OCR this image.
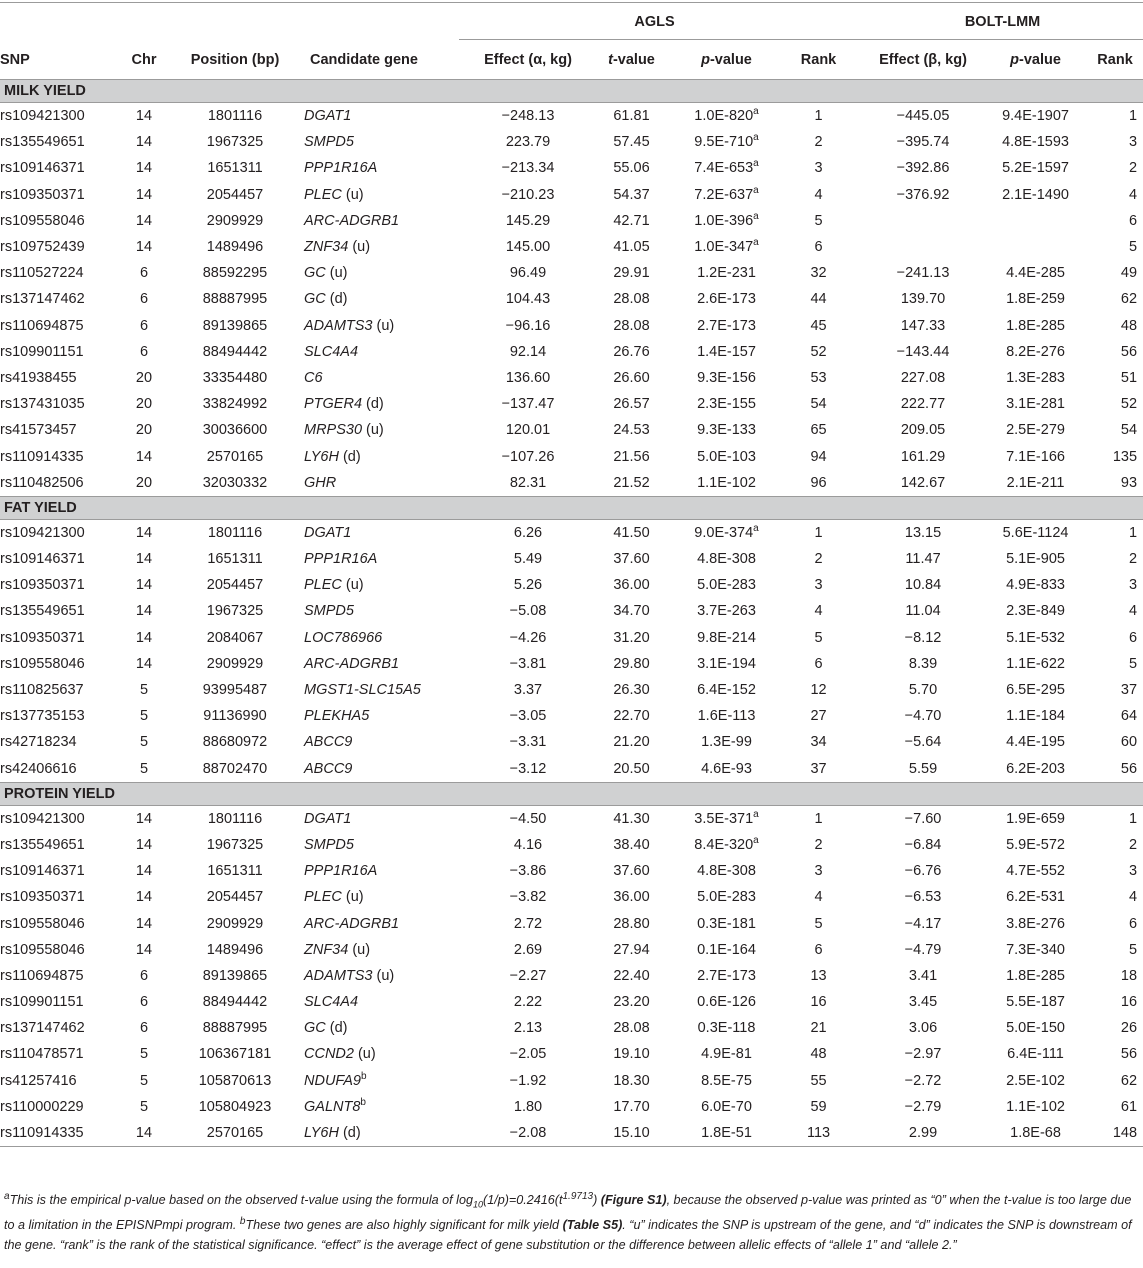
				AGLS				BOLT-LMM		
SNP	Chr	Position (bp)	Candidate gene	Effect (α, kg)	t-value	p-value	Rank	Effect (β, kg)	p-value	Rank
MILK YIELD										
rs109421300	14	1801116	DGAT1	−248.13	61.81	1.0E-820$^a$	1	−445.05	9.4E-1907	1
rs135549651	14	1967325	SMPD5	223.79	57.45	9.5E-710$^a$	2	−395.74	4.8E-1593	3
rs109146371	14	1651311	PPP1R16A	−213.34	55.06	7.4E-653$^a$	3	−392.86	5.2E-1597	2
rs109350371	14	2054457	PLEC (u)	−210.23	54.37	7.2E-637$^a$	4	−376.92	2.1E-1490	4
rs109558046	14	2909929	ARC-ADGRB1	145.29	42.71	1.0E-396$^a$	5			6
rs109752439	14	1489496	ZNF34 (u)	145.00	41.05	1.0E-347$^a$	6			5
rs110527224	6	88592295	GC (u)	96.49	29.91	1.2E-231	32	−241.13	4.4E-285	49
rs137147462	6	88887995	GC (d)	104.43	28.08	2.6E-173	44	139.70	1.8E-259	62
rs110694875	6	89139865	ADAMTS3 (u)	−96.16	28.08	2.7E-173	45	147.33	1.8E-285	48
rs109901151	6	88494442	SLC4A4	92.14	26.76	1.4E-157	52	−143.44	8.2E-276	56
rs41938455	20	33354480	C6	136.60	26.60	9.3E-156	53	227.08	1.3E-283	51
rs137431035	20	33824992	PTGER4 (d)	−137.47	26.57	2.3E-155	54	222.77	3.1E-281	52
rs41573457	20	30036600	MRPS30 (u)	120.01	24.53	9.3E-133	65	209.05	2.5E-279	54
rs110914335	14	2570165	LY6H (d)	−107.26	21.56	5.0E-103	94	161.29	7.1E-166	135
rs110482506	20	32030332	GHR	82.31	21.52	1.1E-102	96	142.67	2.1E-211	93
FAT YIELD										
rs109421300	14	1801116	DGAT1	6.26	41.50	9.0E-374$^a$	1	13.15	5.6E-1124	1
rs109146371	14	1651311	PPP1R16A	5.49	37.60	4.8E-308	2	11.47	5.1E-905	2
rs109350371	14	2054457	PLEC (u)	5.26	36.00	5.0E-283	3	10.84	4.9E-833	3
rs135549651	14	1967325	SMPD5	−5.08	34.70	3.7E-263	4	11.04	2.3E-849	4
rs109350371	14	2084067	LOC786966	−4.26	31.20	9.8E-214	5	−8.12	5.1E-532	6
rs109558046	14	2909929	ARC-ADGRB1	−3.81	29.80	3.1E-194	6	8.39	1.1E-622	5
rs110825637	5	93995487	MGST1-SLC15A5	3.37	26.30	6.4E-152	12	5.70	6.5E-295	37
rs137735153	5	91136990	PLEKHA5	−3.05	22.70	1.6E-113	27	−4.70	1.1E-184	64
rs42718234	5	88680972	ABCC9	−3.31	21.20	1.3E-99	34	−5.64	4.4E-195	60
rs42406616	5	88702470	ABCC9	−3.12	20.50	4.6E-93	37	5.59	6.2E-203	56
PROTEIN YIELD										
rs109421300	14	1801116	DGAT1	−4.50	41.30	3.5E-371$^a$	1	−7.60	1.9E-659	1
rs135549651	14	1967325	SMPD5	4.16	38.40	8.4E-320$^a$	2	−6.84	5.9E-572	2
rs109146371	14	1651311	PPP1R16A	−3.86	37.60	4.8E-308	3	−6.76	4.7E-552	3
rs109350371	14	2054457	PLEC (u)	−3.82	36.00	5.0E-283	4	−6.53	6.2E-531	4
rs109558046	14	2909929	ARC-ADGRB1	2.72	28.80	0.3E-181	5	−4.17	3.8E-276	6
rs109558046	14	1489496	ZNF34 (u)	2.69	27.94	0.1E-164	6	−4.79	7.3E-340	5
rs110694875	6	89139865	ADAMTS3 (u)	−2.27	22.40	2.7E-173	13	3.41	1.8E-285	18
rs109901151	6	88494442	SLC4A4	2.22	23.20	0.6E-126	16	3.45	5.5E-187	16
rs137147462	6	88887995	GC (d)	2.13	28.08	0.3E-118	21	3.06	5.0E-150	26
rs110478571	5	106367181	CCND2 (u)	−2.05	19.10	4.9E-81	48	−2.97	6.4E-111	56
rs41257416	5	105870613	NDUFA9$^b$	−1.92	18.30	8.5E-75	55	−2.72	2.5E-102	62
rs110000229	5	105804923	GALNT8$^b$	1.80	17.70	6.0E-70	59	−2.79	1.1E-102	61
rs110914335	14	2570165	LY6H (d)	−2.08	15.10	1.8E-51	113	2.99	1.8E-68	148
$^a$This is the empirical p-value based on the observed t-value using the formula of $\log_{10}(1/p)=0.2416(t^{1.9713})$ (Figure S1), because the observed p-value was printed as “0” when the t-value is too large due to a limitation in the EPISNPmpi program. $^b$These two genes are also highly significant for milk yield (Table S5). “u” indicates the SNP is upstream of the gene, and “d” indicates the SNP is downstream of the gene. “rank” is the rank of the statistical significance. “effect” is the average effect of gene substitution or the difference between allelic effects of “allele 1” and “allele 2.”
